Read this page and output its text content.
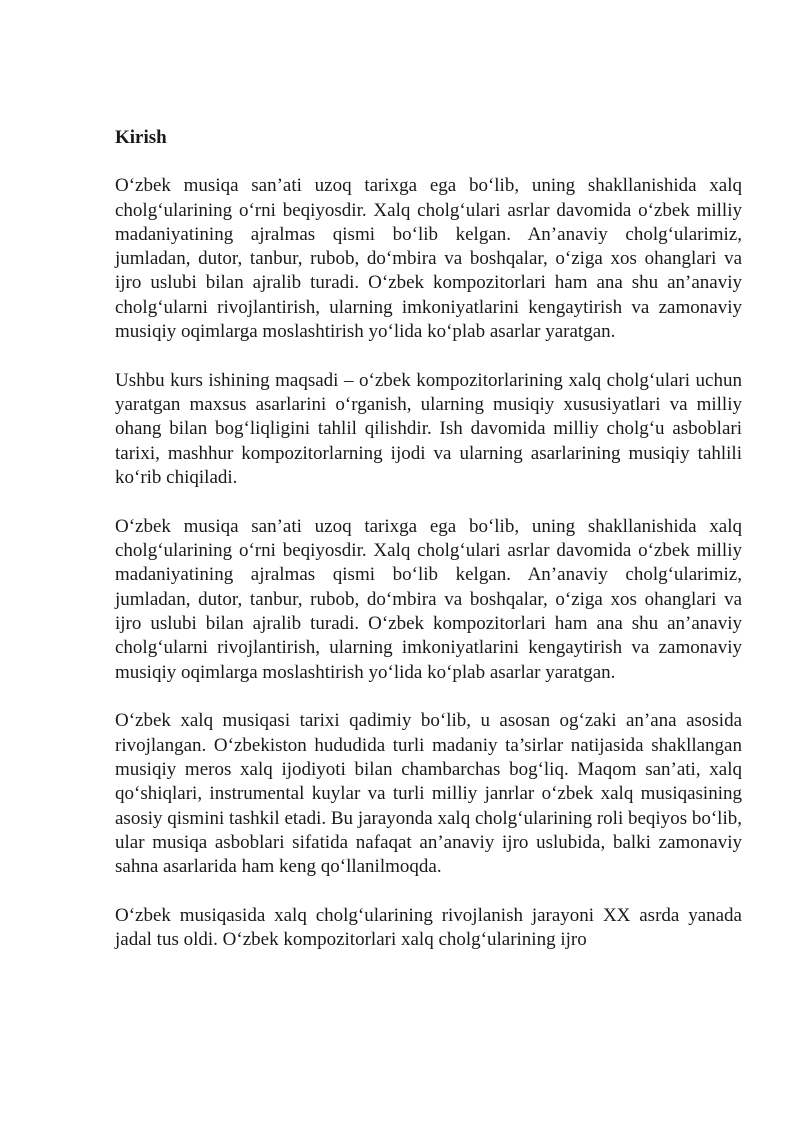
Kirish

O‘zbek musiqa san’ati uzoq tarixga ega bo‘lib, uning shakllanishida xalq cholg‘ularining o‘rni beqiyosdir. Xalq cholg‘ulari asrlar davomida o‘zbek milliy madaniyatining ajralmas qismi bo‘lib kelgan. An’anaviy cholg‘ularimiz, jumladan, dutor, tanbur, rubob, do‘mbira va boshqalar, o‘ziga xos ohanglari va ijro uslubi bilan ajralib turadi. O‘zbek kompozitorlari ham ana shu an’anaviy cholg‘ularni rivojlantirish, ularning imkoniyatlarini kengaytirish va zamonaviy musiqiy oqimlarga moslashtirish yo‘lida ko‘plab asarlar yaratgan.

Ushbu kurs ishining maqsadi – o‘zbek kompozitorlarining xalq cholg‘ulari uchun yaratgan maxsus asarlarini o‘rganish, ularning musiqiy xususiyatlari va milliy ohang bilan bog‘liqligini tahlil qilishdir. Ish davomida milliy cholg‘u asboblari tarixi, mashhur kompozitorlarning ijodi va ularning asarlarining musiqiy tahlili ko‘rib chiqiladi.

O‘zbek musiqa san’ati uzoq tarixga ega bo‘lib, uning shakllanishida xalq cholg‘ularining o‘rni beqiyosdir. Xalq cholg‘ulari asrlar davomida o‘zbek milliy madaniyatining ajralmas qismi bo‘lib kelgan. An’anaviy cholg‘ularimiz, jumladan, dutor, tanbur, rubob, do‘mbira va boshqalar, o‘ziga xos ohanglari va ijro uslubi bilan ajralib turadi. O‘zbek kompozitorlari ham ana shu an’anaviy cholg‘ularni rivojlantirish, ularning imkoniyatlarini kengaytirish va zamonaviy musiqiy oqimlarga moslashtirish yo‘lida ko‘plab asarlar yaratgan.

O‘zbek xalq musiqasi tarixi qadimiy bo‘lib, u asosan og‘zaki an’ana asosida rivojlangan. O‘zbekiston hududida turli madaniy ta’sirlar natijasida shakllangan musiqiy meros xalq ijodiyoti bilan chambarchas bog‘liq. Maqom san’ati, xalq qo‘shiqlari, instrumental kuylar va turli milliy janrlar o‘zbek xalq musiqasining asosiy qismini tashkil etadi. Bu jarayonda xalq cholg‘ularining roli beqiyos bo‘lib, ular musiqa asboblari sifatida nafaqat an’anaviy ijro uslubida, balki zamonaviy sahna asarlarida ham keng qo‘llanilmoqda.

O‘zbek musiqasida xalq cholg‘ularining rivojlanish jarayoni XX asrda yanada jadal tus oldi. O‘zbek kompozitorlari xalq cholg‘ularining ijro
